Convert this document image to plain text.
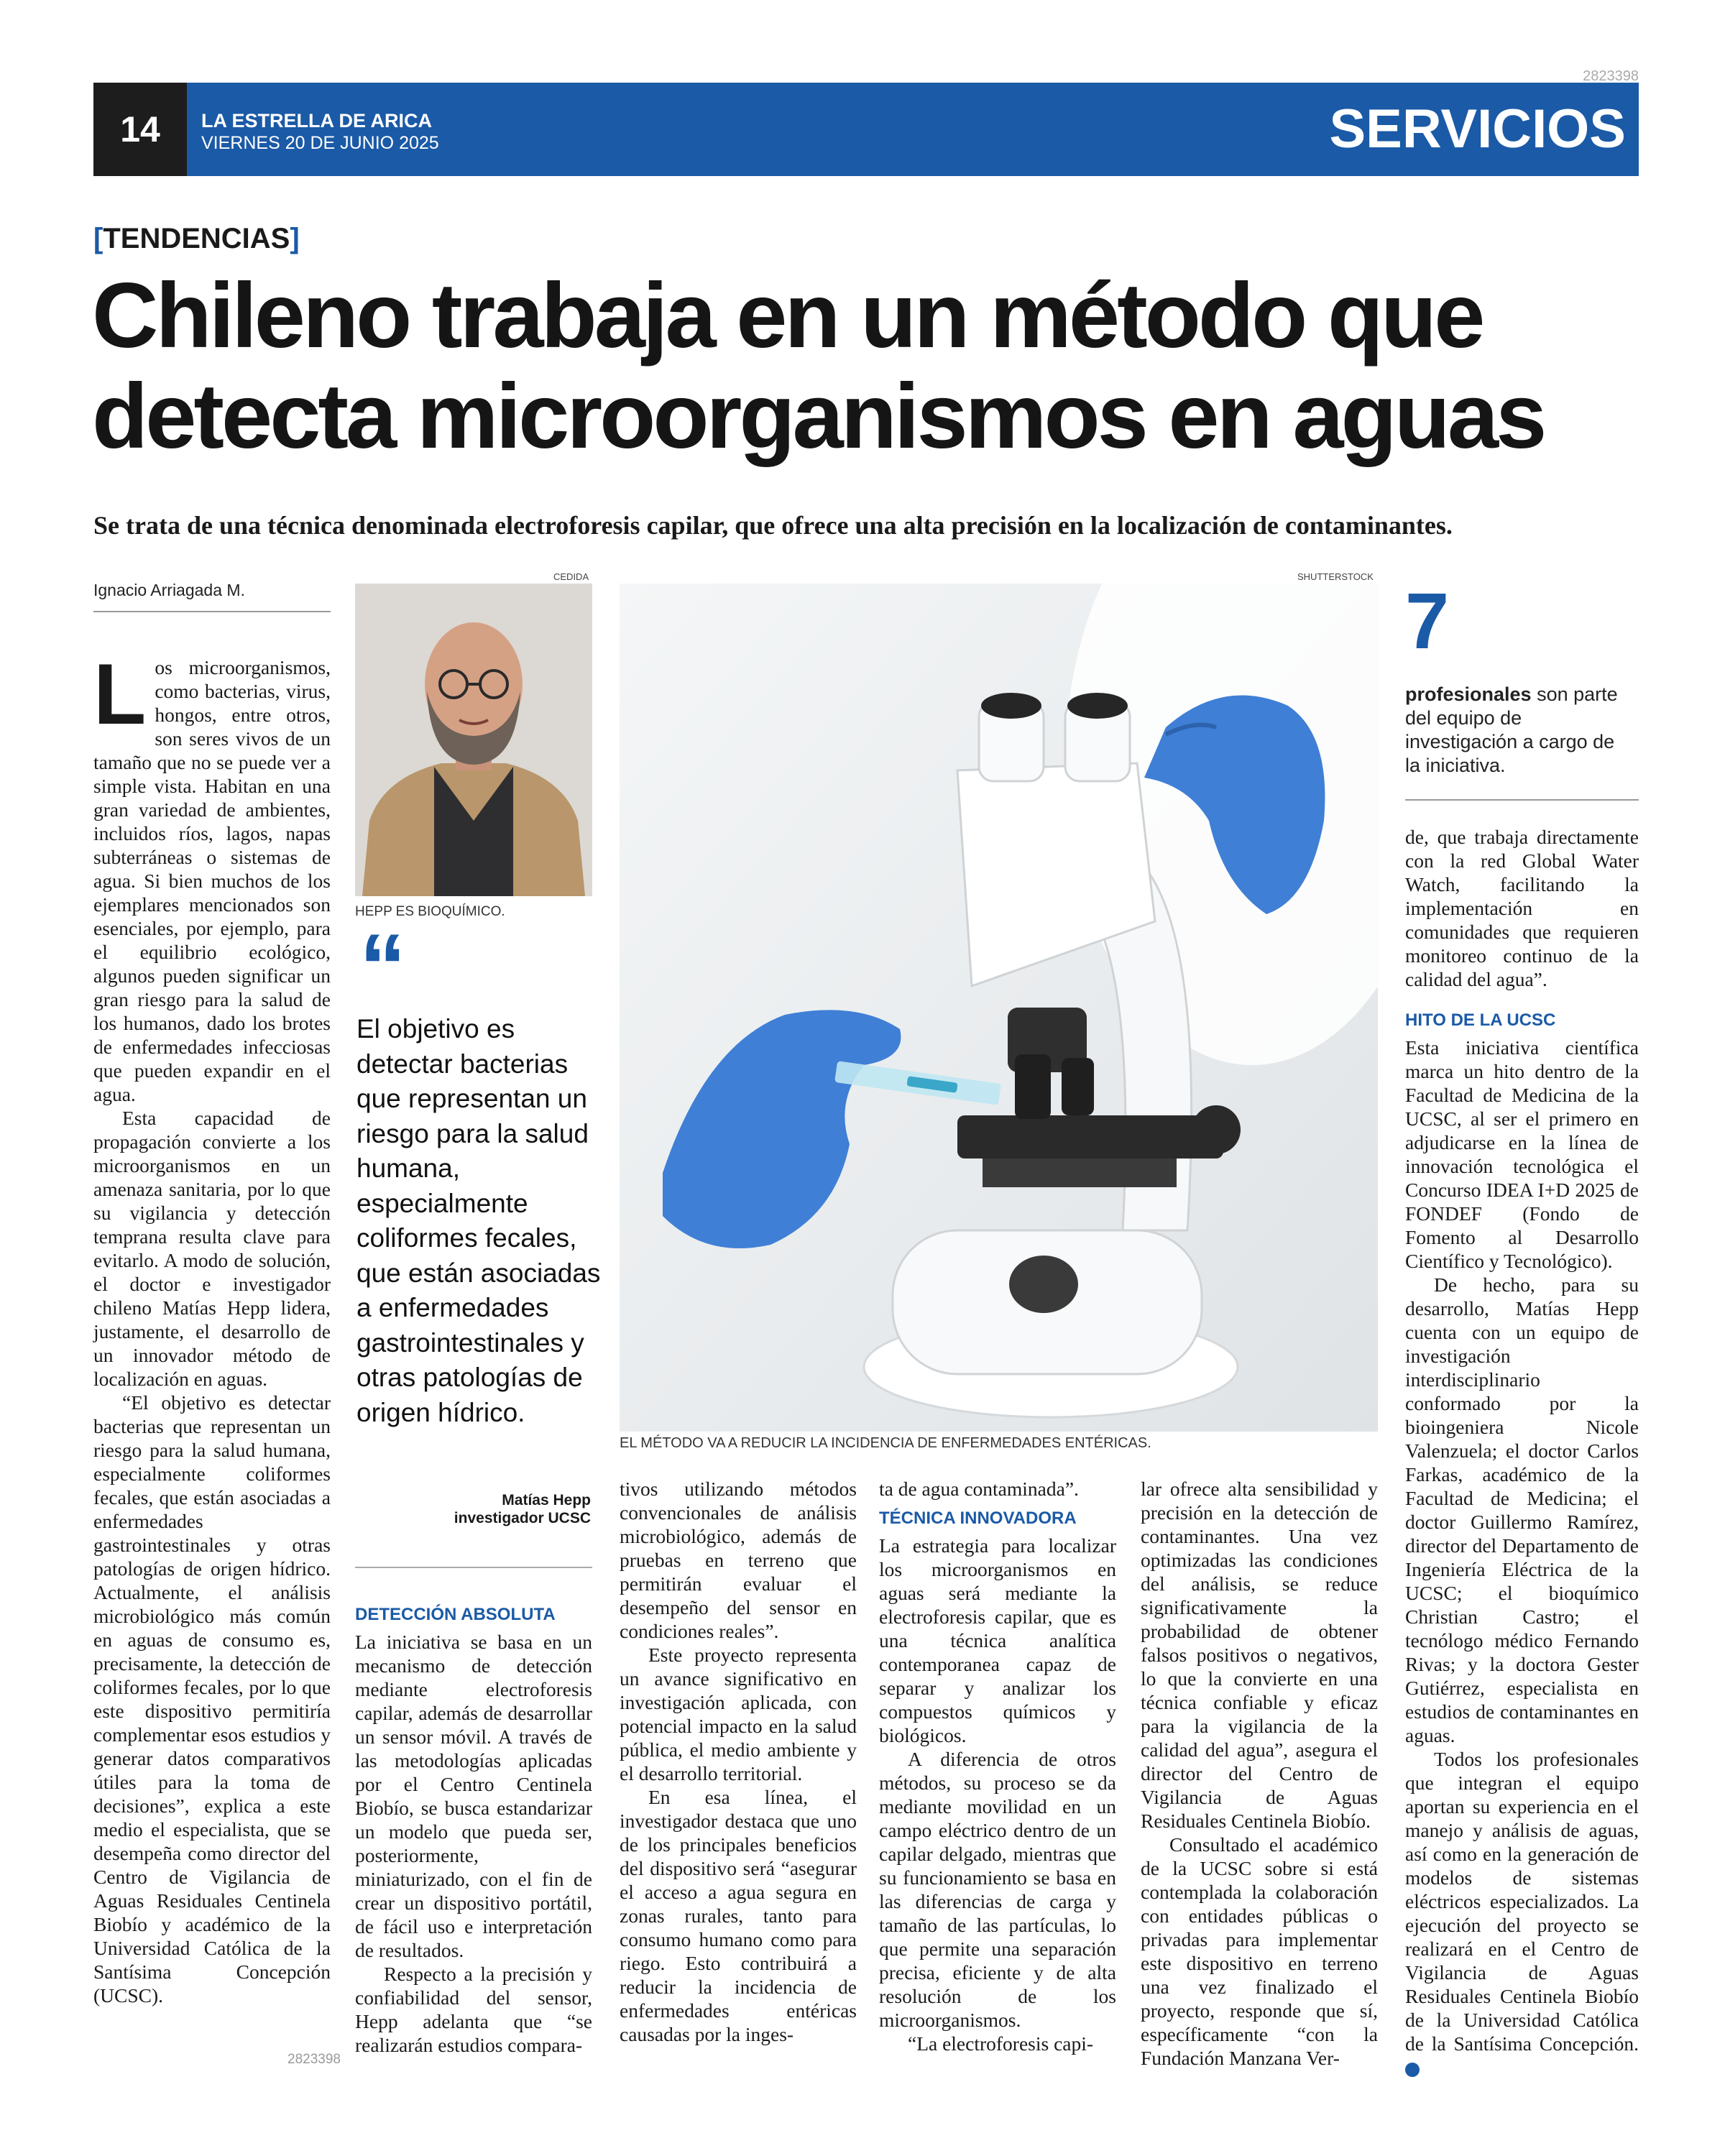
14	LA ESTRELLA DE ARICA
VIERNES 20 DE JUNIO 2025	SERVICIOS
2823398
[TENDENCIAS]
Chileno trabaja en un método que
detecta microorganismos en aguas
Se trata de una técnica denominada electroforesis capilar, que ofrece una alta precisión en la localización de contaminantes.
Ignacio Arriagada M.

Los microorganismos, como bacterias, virus, hongos, entre otros, son seres vivos de un tamaño que no se puede ver a simple vista. Habitan en una gran variedad de ambientes, incluidos ríos, lagos, napas subterráneas o sistemas de agua. Si bien muchos de los ejemplares mencionados son esenciales, por ejemplo, para el equilibrio ecológico, algunos pueden significar un gran riesgo para la salud de los humanos, dado los brotes de enfermedades infecciosas que pueden expandir en el agua.

Esta capacidad de propagación convierte a los microorganismos en un amenaza sanitaria, por lo que su vigilancia y detección temprana resulta clave para evitarlo. A modo de solución, el doctor e investigador chileno Matías Hepp lidera, justamente, el desarrollo de un innovador método de localización en aguas.

“El objetivo es detectar bacterias que representan un riesgo para la salud humana, especialmente coliformes fecales, que están asociadas a enfermedades gastrointestinales y otras patologías de origen hídrico. Actualmente, el análisis microbiológico más común en aguas de consumo es, precisamente, la detección de coliformes fecales, por lo que este dispositivo permitiría complementar esos estudios y generar datos comparativos útiles para la toma de decisiones”, explica a este medio el especialista, que se desempeña como director del Centro de Vigilancia de Aguas Residuales Centinela Biobío y académico de la Universidad Católica de la Santísima Concepción (UCSC).

CEDIDA
HEPP ES BIOQUÍMICO.
“
El objetivo es detectar bacterias que representan un riesgo para la salud humana, especialmente coliformes fecales, que están asociadas a enfermedades gastrointestinales y otras patologías de origen hídrico.
Matías Hepp
investigador UCSC
DETECCIÓN ABSOLUTA

La iniciativa se basa en un mecanismo de detección mediante electroforesis capilar, además de desarrollar un sensor móvil. A través de las metodologías aplicadas por el Centro Centinela Biobío, se busca estandarizar un modelo que pueda ser, posteriormente, miniaturizado, con el fin de crear un dispositivo portátil, de fácil uso e interpretación de resultados.

Respecto a la precisión y confiabilidad del sensor, Hepp adelanta que “se realizarán estudios compara-

SHUTTERSTOCK
EL MÉTODO VA A REDUCIR LA INCIDENCIA DE ENFERMEDADES ENTÉRICAS.

tivos utilizando métodos convencionales de análisis microbiológico, además de pruebas en terreno que permitirán evaluar el desempeño del sensor en condiciones reales”.

Este proyecto representa un avance significativo en investigación aplicada, con potencial impacto en la salud pública, el medio ambiente y el desarrollo territorial.

En esa línea, el investigador destaca que uno de los principales beneficios del dispositivo será “asegurar el acceso a agua segura en zonas rurales, tanto para consumo humano como para riego. Esto contribuirá a reducir la incidencia de enfermedades entéricas causadas por la inges-

ta de agua contaminada”.

TÉCNICA INNOVADORA

La estrategia para localizar los microorganismos en aguas será mediante la electroforesis capilar, que es una técnica analítica contemporanea capaz de separar y analizar los compuestos químicos y biológicos.

A diferencia de otros métodos, su proceso se da mediante movilidad en un campo eléctrico dentro de un capilar delgado, mientras que su funcionamiento se basa en las diferencias de carga y tamaño de las partículas, lo que permite una separación precisa, eficiente y de alta resolución de los microorganismos.

“La electroforesis capi-

lar ofrece alta sensibilidad y precisión en la detección de contaminantes. Una vez optimizadas las condiciones del análisis, se reduce significativamente la probabilidad de obtener falsos positivos o negativos, lo que la convierte en una técnica confiable y eficaz para la vigilancia de la calidad del agua”, asegura el director del Centro de Vigilancia de Aguas Residuales Centinela Biobío.

Consultado el académico de la UCSC sobre si está contemplada la colaboración con entidades públicas o privadas para implementar este dispositivo en terreno una vez finalizado el proyecto, responde que sí, específicamente “con la Fundación Manzana Ver-

7
profesionales son parte del equipo de investigación a cargo de la iniciativa.

de, que trabaja directamente con la red Global Water Watch, facilitando la implementación en comunidades que requieren monitoreo continuo de la calidad del agua”.

HITO DE LA UCSC

Esta iniciativa científica marca un hito dentro de la Facultad de Medicina de la UCSC, al ser el primero en adjudicarse en la línea de innovación tecnológica el Concurso IDEA I+D 2025 de FONDEF (Fondo de Fomento al Desarrollo Científico y Tecnológico).

De hecho, para su desarrollo, Matías Hepp cuenta con un equipo de investigación interdisciplinario conformado por la bioingeniera Nicole Valenzuela; el doctor Carlos Farkas, académico de la Facultad de Medicina; el doctor Guillermo Ramírez, director del Departamento de Ingeniería Eléctrica de la UCSC; el bioquímico Christian Castro; el tecnólogo médico Fernando Rivas; y la doctora Gester Gutiérrez, especialista en estudios de contaminantes en aguas.

Todos los profesionales que integran el equipo aportan su experiencia en el manejo y análisis de aguas, así como en la generación de modelos de sistemas eléctricos especializados. La ejecución del proyecto se realizará en el Centro de Vigilancia de Aguas Residuales Centinela Biobío de la Universidad Católica de la Santísima Concepción. ✪

2823398
